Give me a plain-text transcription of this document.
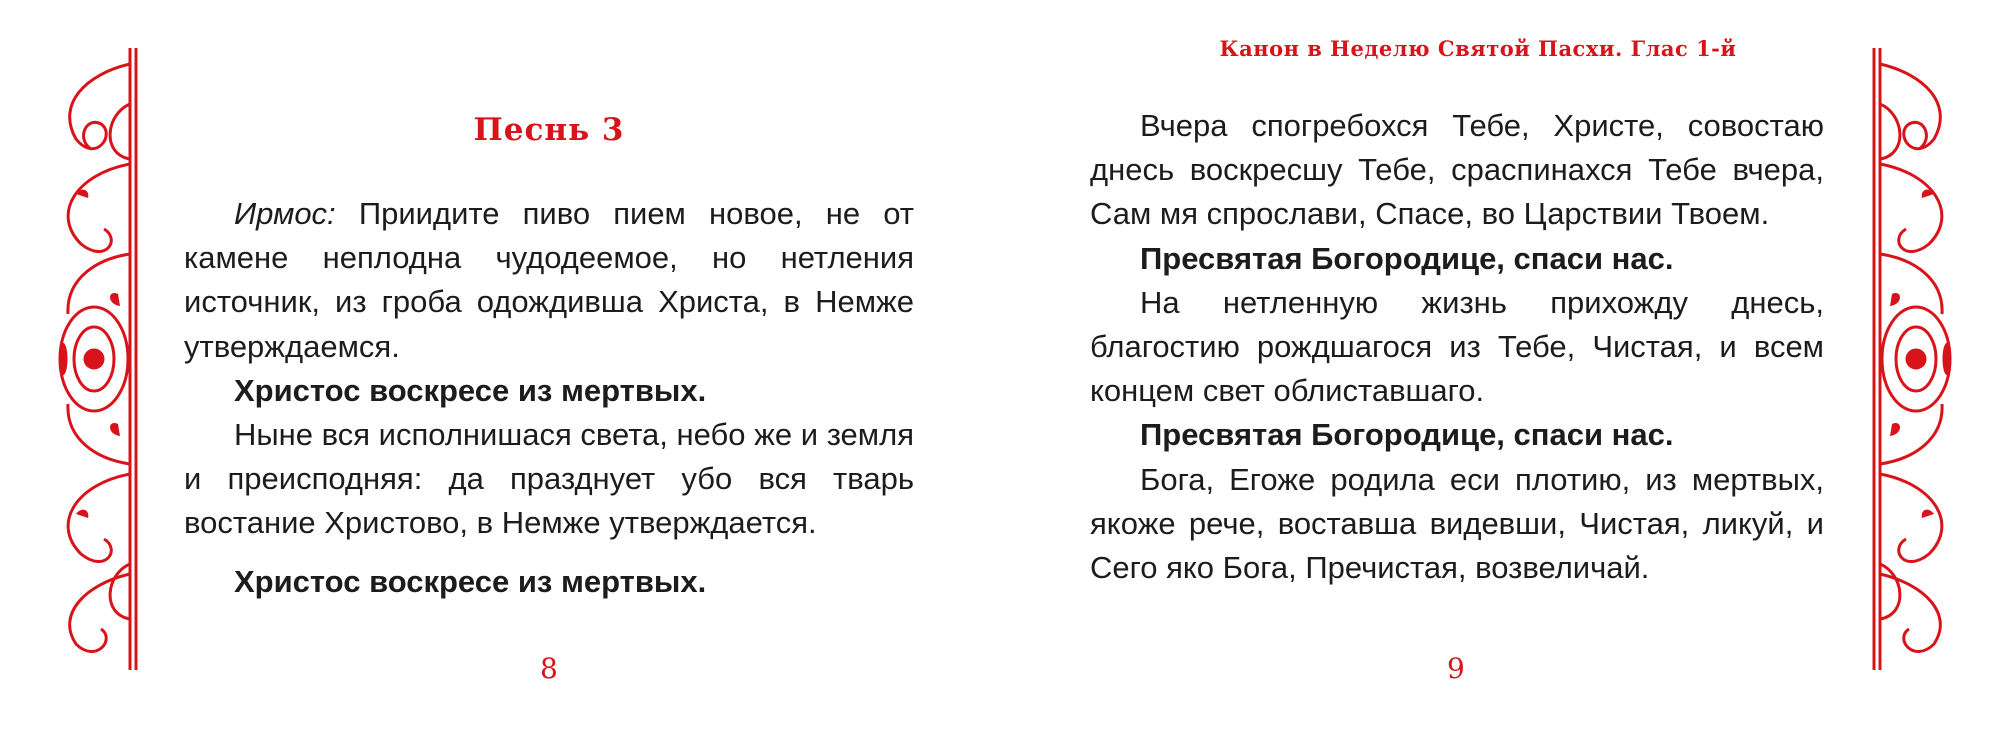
Песнь 3

Ирмос: Приидите пиво пием новое, не от камене неплодна чудодеемое, но нетления источник, из гроба одождивша Христа, в Немже утверждаемся.

Христос воскресе из мертвых.

Ныне вся исполнишася света, небо же и земля и преисподняя: да празднует убо вся тварь востание Христово, в Немже утверждается.

Христос воскресе из мертвых.

8
Канон в Неделю Святой Пасхи. Глас 1-й

Вчера спогребохся Тебе, Христе, совостаю днесь воскресшу Тебе, сраспинахся Тебе вчера, Сам мя спрослави, Спасе, во Царствии Твоем.

Пресвятая Богородице, спаси нас.

На нетленную жизнь прихожду днесь, благостию рождшагося из Тебе, Чистая, и всем концем свет облиставшаго.

Пресвятая Богородице, спаси нас.

Бога, Егоже родила еси плотию, из мертвых, якоже рече, воставша видевши, Чистая, ликуй, и Сего яко Бога, Пречистая, возвеличай.

9
